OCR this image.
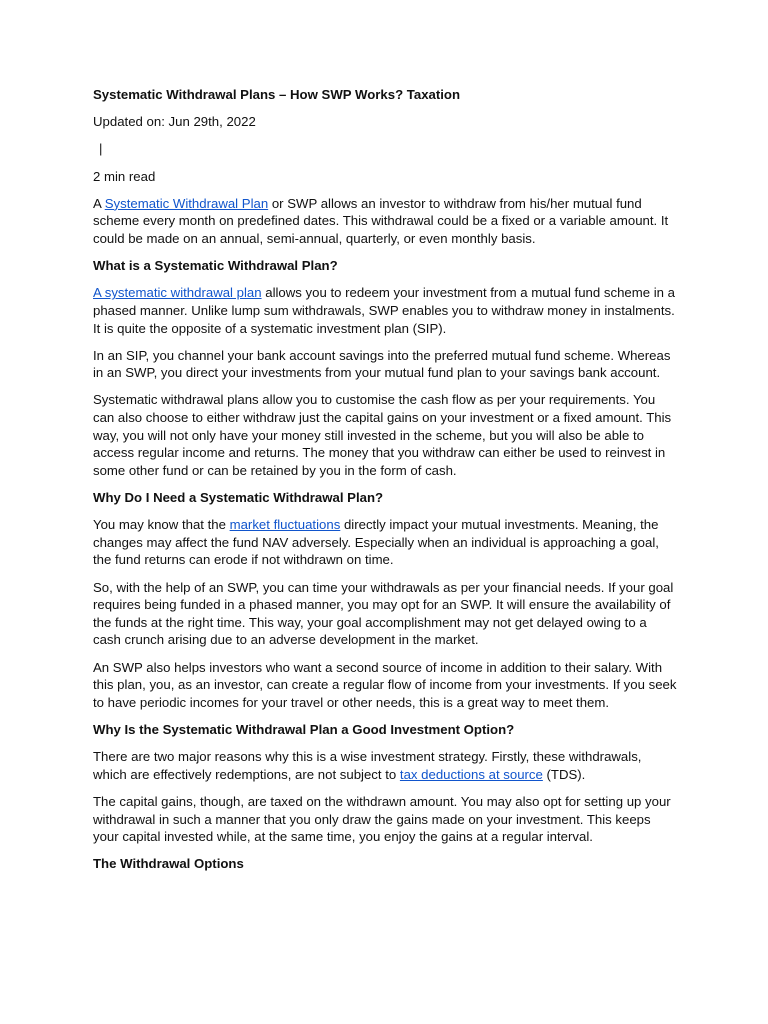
Systematic Withdrawal Plans – How SWP Works? Taxation
Updated on: Jun 29th, 2022
|
2 min read

A Systematic Withdrawal Plan or SWP allows an investor to withdraw from his/her mutual fund scheme every month on predefined dates. This withdrawal could be a fixed or a variable amount. It could be made on an annual, semi-annual, quarterly, or even monthly basis.

What is a Systematic Withdrawal Plan?

A systematic withdrawal plan allows you to redeem your investment from a mutual fund scheme in a phased manner. Unlike lump sum withdrawals, SWP enables you to withdraw money in instalments. It is quite the opposite of a systematic investment plan (SIP).

In an SIP, you channel your bank account savings into the preferred mutual fund scheme. Whereas in an SWP, you direct your investments from your mutual fund plan to your savings bank account.

Systematic withdrawal plans allow you to customise the cash flow as per your requirements. You can also choose to either withdraw just the capital gains on your investment or a fixed amount. This way, you will not only have your money still invested in the scheme, but you will also be able to access regular income and returns. The money that you withdraw can either be used to reinvest in some other fund or can be retained by you in the form of cash.

Why Do I Need a Systematic Withdrawal Plan?

You may know that the market fluctuations directly impact your mutual investments. Meaning, the changes may affect the fund NAV adversely. Especially when an individual is approaching a goal, the fund returns can erode if not withdrawn on time.

So, with the help of an SWP, you can time your withdrawals as per your financial needs. If your goal requires being funded in a phased manner, you may opt for an SWP. It will ensure the availability of the funds at the right time. This way, your goal accomplishment may not get delayed owing to a cash crunch arising due to an adverse development in the market.

An SWP also helps investors who want a second source of income in addition to their salary. With this plan, you, as an investor, can create a regular flow of income from your investments. If you seek to have periodic incomes for your travel or other needs, this is a great way to meet them.

Why Is the Systematic Withdrawal Plan a Good Investment Option?

There are two major reasons why this is a wise investment strategy. Firstly, these withdrawals, which are effectively redemptions, are not subject to tax deductions at source (TDS).

The capital gains, though, are taxed on the withdrawn amount. You may also opt for setting up your withdrawal in such a manner that you only draw the gains made on your investment. This keeps your capital invested while, at the same time, you enjoy the gains at a regular interval.

The Withdrawal Options
